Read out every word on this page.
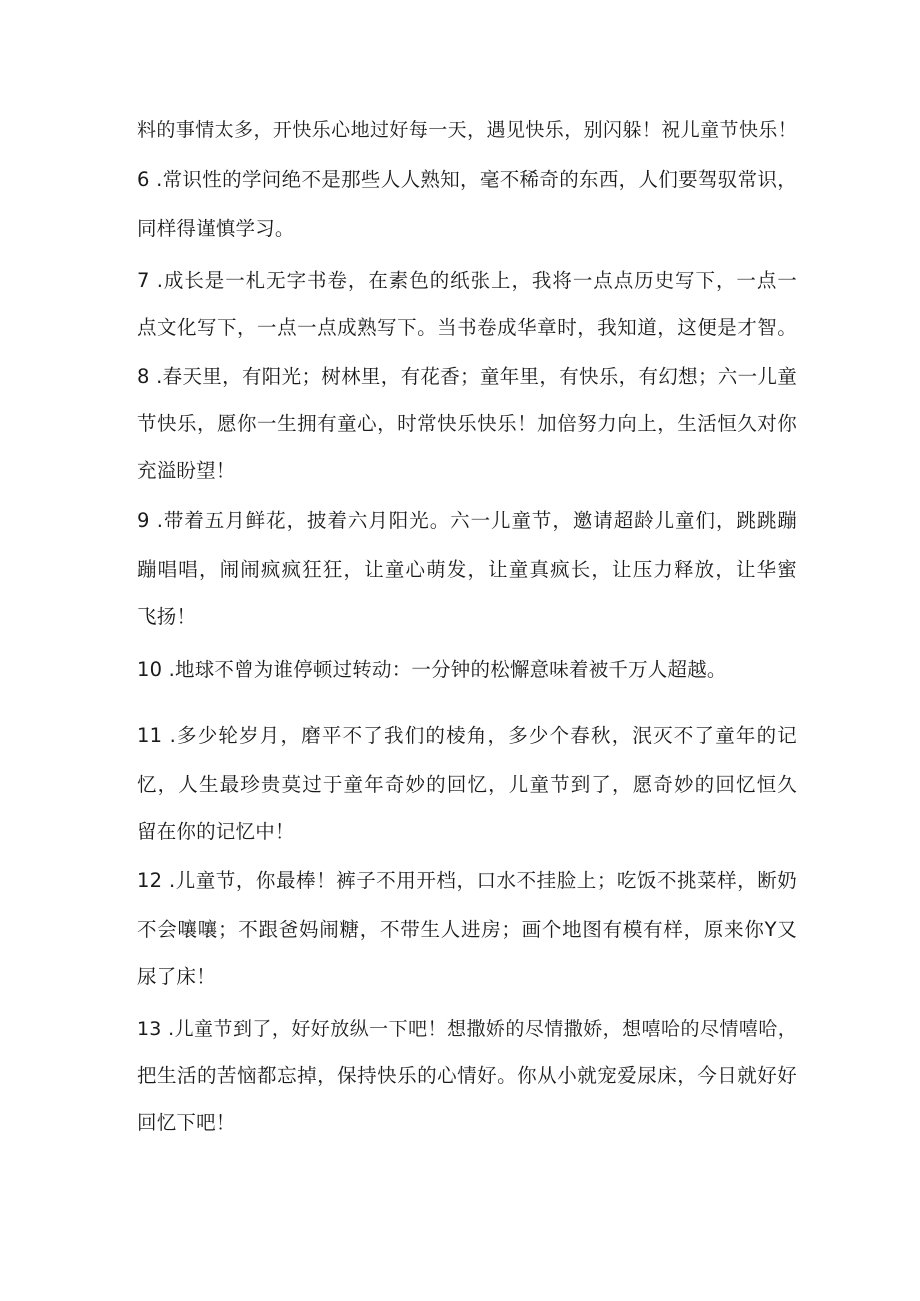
料的事情太多，开快乐心地过好每一天，遇见快乐，别闪躲！祝儿童节快乐！
6 .常识性的学问绝不是那些人人熟知，毫不稀奇的东西，人们要驾驭常识，
同样得谨慎学习。
7 .成长是一札无字书卷，在素色的纸张上，我将一点点历史写下，一点一
点文化写下，一点一点成熟写下。当书卷成华章时，我知道，这便是才智。
8 .春天里，有阳光；树林里，有花香；童年里，有快乐，有幻想；六一儿童
节快乐，愿你一生拥有童心，时常快乐快乐！加倍努力向上，生活恒久对你
充溢盼望！
9 .带着五月鲜花，披着六月阳光。六一儿童节，邀请超龄儿童们，跳跳蹦
蹦唱唱，闹闹疯疯狂狂，让童心萌发，让童真疯长，让压力释放，让华蜜
飞扬！
10 .地球不曾为谁停顿过转动：一分钟的松懈意味着被千万人超越。
11 .多少轮岁月，磨平不了我们的棱角，多少个春秋，泯灭不了童年的记
忆，人生最珍贵莫过于童年奇妙的回忆，儿童节到了，愿奇妙的回忆恒久
留在你的记忆中！
12 .儿童节，你最棒！裤子不用开档，口水不挂脸上；吃饭不挑菜样，断奶
不会嚷嚷；不跟爸妈闹糖，不带生人进房；画个地图有模有样，原来你Y又
尿了床！
13 .儿童节到了，好好放纵一下吧！想撒娇的尽情撒娇，想嘻哈的尽情嘻哈，
把生活的苦恼都忘掉，保持快乐的心情好。你从小就宠爱尿床，今日就好好
回忆下吧！
